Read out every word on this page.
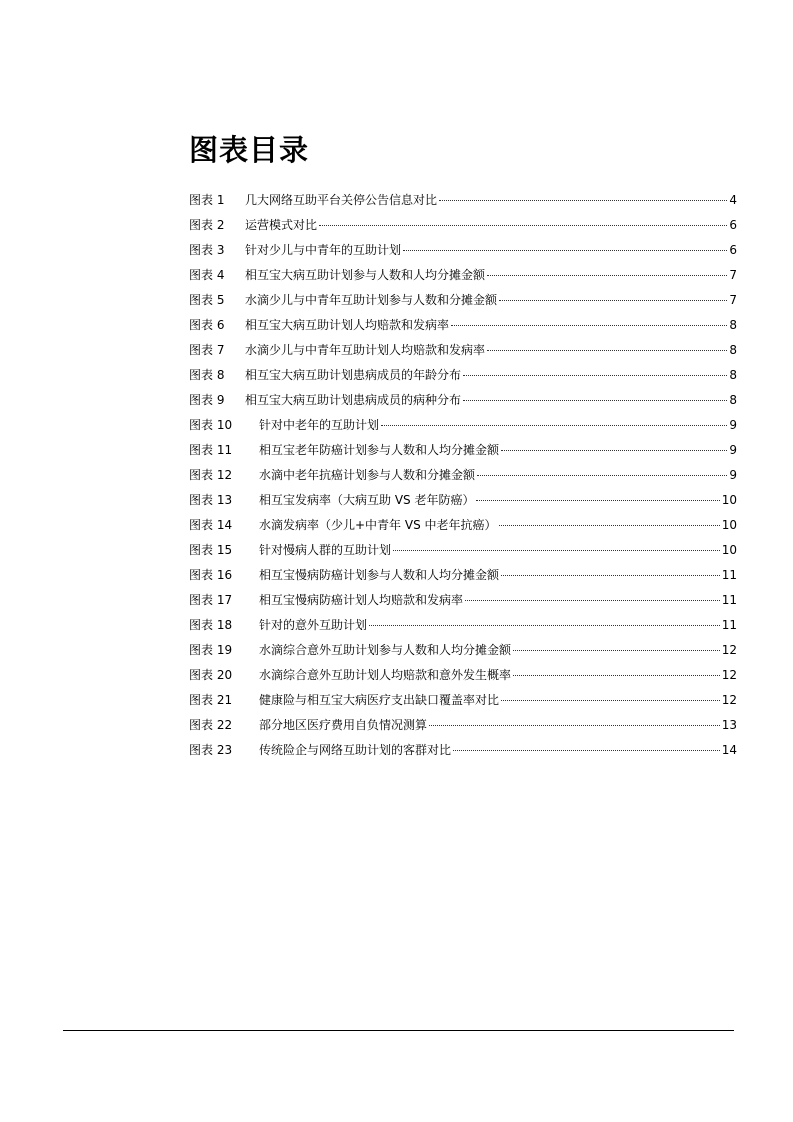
图表目录
图表 1	几大网络互助平台关停公告信息对比	4
图表 2	运营模式对比	6
图表 3	针对少儿与中青年的互助计划	6
图表 4	相互宝大病互助计划参与人数和人均分摊金额	7
图表 5	水滴少儿与中青年互助计划参与人数和分摊金额	7
图表 6	相互宝大病互助计划人均赔款和发病率	8
图表 7	水滴少儿与中青年互助计划人均赔款和发病率	8
图表 8	相互宝大病互助计划患病成员的年龄分布	8
图表 9	相互宝大病互助计划患病成员的病种分布	8
图表 10	针对中老年的互助计划	9
图表 11	相互宝老年防癌计划参与人数和人均分摊金额	9
图表 12	水滴中老年抗癌计划参与人数和分摊金额	9
图表 13	相互宝发病率（大病互助 VS 老年防癌）	10
图表 14	水滴发病率（少儿+中青年 VS 中老年抗癌）	10
图表 15	针对慢病人群的互助计划	10
图表 16	相互宝慢病防癌计划参与人数和人均分摊金额	11
图表 17	相互宝慢病防癌计划人均赔款和发病率	11
图表 18	针对的意外互助计划	11
图表 19	水滴综合意外互助计划参与人数和人均分摊金额	12
图表 20	水滴综合意外互助计划人均赔款和意外发生概率	12
图表 21	健康险与相互宝大病医疗支出缺口覆盖率对比	12
图表 22	部分地区医疗费用自负情况测算	13
图表 23	传统险企与网络互助计划的客群对比	14
